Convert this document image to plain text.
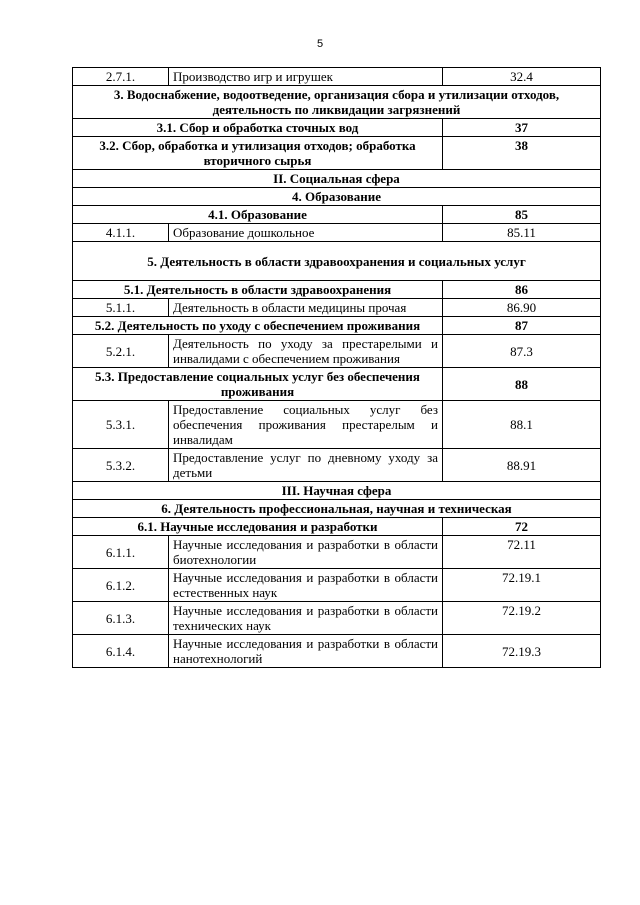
5
2.7.1.	Производство игр и игрушек	32.4
3. Водоснабжение, водоотведение, организация сбора и утилизации отходов, деятельность по ликвидации загрязнений		
3.1. Сбор и обработка сточных вод		37
3.2. Сбор, обработка и утилизация отходов; обработка вторичного сырья		38
II. Социальная сфера		
4. Образование		
4.1. Образование		85
4.1.1.	Образование дошкольное	85.11
5. Деятельность в области здравоохранения и социальных услуг		
5.1. Деятельность в области здравоохранения		86
5.1.1.	Деятельность в области медицины прочая	86.90
5.2. Деятельность по уходу с обеспечением проживания		87
5.2.1.	Деятельность по уходу за престарелыми и инвалидами с обеспечением проживания	87.3
5.3. Предоставление социальных услуг без обеспечения проживания		88
5.3.1.	Предоставление социальных услуг без обеспечения проживания престарелым и инвалидам	88.1
5.3.2.	Предоставление услуг по дневному уходу за детьми	88.91
III. Научная сфера		
6. Деятельность профессиональная, научная и техническая		
6.1. Научные исследования и разработки		72
6.1.1.	Научные исследования и разработки в области биотехнологии	72.11
6.1.2.	Научные исследования и разработки в области естественных наук	72.19.1
6.1.3.	Научные исследования и разработки в области технических наук	72.19.2
6.1.4.	Научные исследования и разработки в области нанотехнологий	72.19.3
